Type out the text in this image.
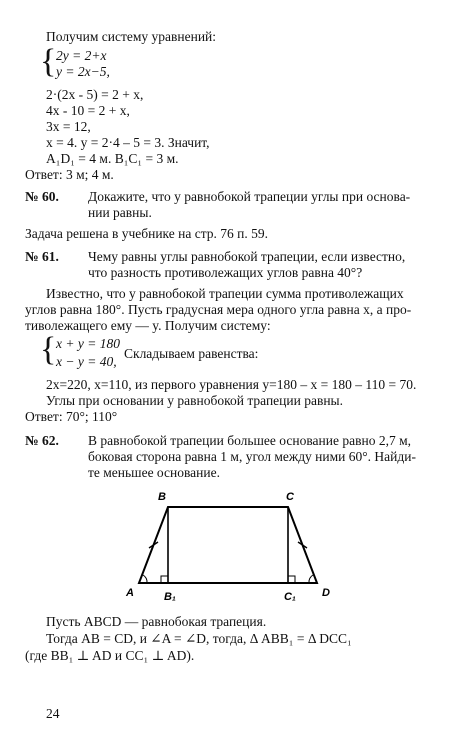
Получим систему уравнений:
{ 2y = 2+x
y = 2x−5,
2·(2x - 5) = 2 + x,
4x - 10 = 2 + x,
3x = 12,
x = 4. y = 2·4 – 5 = 3. Значит,
A₁D₁ = 4 м. B₁C₁ = 3 м.
Ответ: 3 м; 4 м.
№ 60. Докажите, что у равнобокой трапеции углы при основа-
нии равны.
Задача решена в учебнике на стр. 76 п. 59.
№ 61. Чему равны углы равнобокой трапеции, если известно,
что разность противолежащих углов равна 40°?
Известно, что у равнобокой трапеции сумма противолежащих
углов равна 180°. Пусть градусная мера одного угла равна x, а про-
тиволежащего ему — y. Получим систему:
{ x + y = 180
x − y = 40,
Складываем равенства:
2x=220, x=110, из первого уравнения y=180 – x = 180 – 110 = 70.
Углы при основании у равнобокой трапеции равны.
Ответ: 70°; 110°
№ 62. В равнобокой трапеции большее основание равно 2,7 м,
боковая сторона равна 1 м, угол между ними 60°. Найди-
те меньшее основание.
A
B	C
D
B₁	C₁
Пусть ABCD — равнобокая трапеция.
Тогда AB = CD, и ∠A = ∠D, тогда, Δ ABB₁ = Δ DCC₁
(где BB₁ ⊥ AD и CC₁ ⊥ AD).
24
